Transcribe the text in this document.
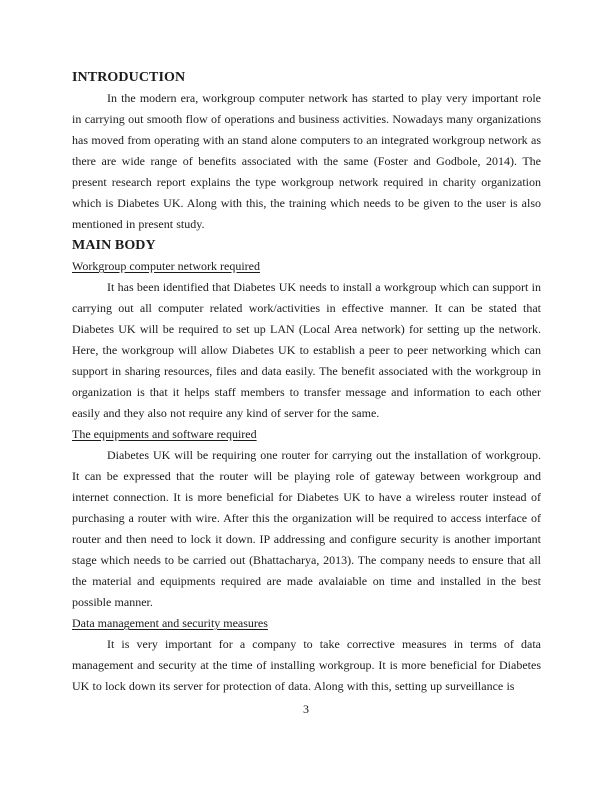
INTRODUCTION

In the modern era, workgroup computer network has started to play very important role in carrying out smooth flow of operations and business activities. Nowadays many organizations has moved from operating with an stand alone computers to an integrated workgroup network as there are wide range of benefits associated with the same (Foster and Godbole, 2014). The present research report explains the type workgroup network required in charity organization which is Diabetes UK. Along with this, the training which needs to be given to the user is also mentioned in present study.

MAIN BODY
Workgroup computer network required

It has been identified that Diabetes UK needs to install a workgroup which can support in carrying out all computer related work/activities in effective manner. It can be stated that Diabetes UK will be required to set up LAN (Local Area network) for setting up the network. Here, the workgroup will allow Diabetes UK to establish a peer to peer networking which can support in sharing resources, files and data easily. The benefit associated with the workgroup in organization is that it helps staff members to transfer message and information to each other easily and they also not require any kind of server for the same.

The equipments and software required

Diabetes UK will be requiring one router for carrying out the installation of workgroup. It can be expressed that the router will be playing role of gateway between workgroup and internet connection. It is more beneficial for Diabetes UK to have a wireless router instead of purchasing a router with wire. After this the organization will be required to access interface of router and then need to lock it down. IP addressing and configure security is another important stage which needs to be carried out (Bhattacharya, 2013). The company needs to ensure that all the material and equipments required are made avalaiable on time and installed in the best possible manner.

Data management and security measures

It is very important for a company to take corrective measures in terms of data management and security at the time of installing workgroup. It is more beneficial for Diabetes UK to lock down its server for protection of data. Along with this, setting up surveillance is

3
